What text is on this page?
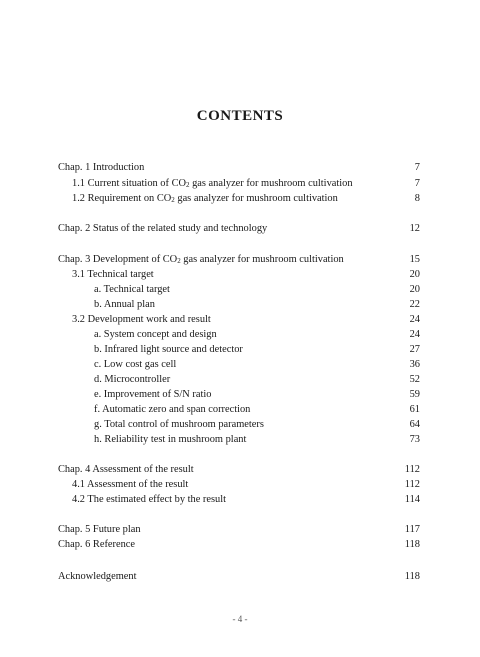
CONTENTS
Chap. 1 Introduction	7
1.1 Current situation of $CO_2$ gas analyzer for mushroom cultivation	7
1.2 Requirement on $CO_2$ gas analyzer for mushroom cultivation	8
Chap. 2 Status of the related study and technology	12
Chap. 3 Development of $CO_2$ gas analyzer for mushroom cultivation	15
3.1 Technical target	20
a. Technical target	20
b. Annual plan	22
3.2 Development work and result	24
a. System concept and design	24
b. Infrared light source and detector	27
c. Low cost gas cell	36
d. Microcontroller	52
e. Improvement of S/N ratio	59
f. Automatic zero and span correction	61
g. Total control of mushroom parameters	64
h. Reliability test in mushroom plant	73
Chap. 4 Assessment of the result	112
4.1 Assessment of the result	112
4.2 The estimated effect by the result	114
Chap. 5 Future plan	117
Chap. 6 Reference	118
Acknowledgement	118
- 4 -
